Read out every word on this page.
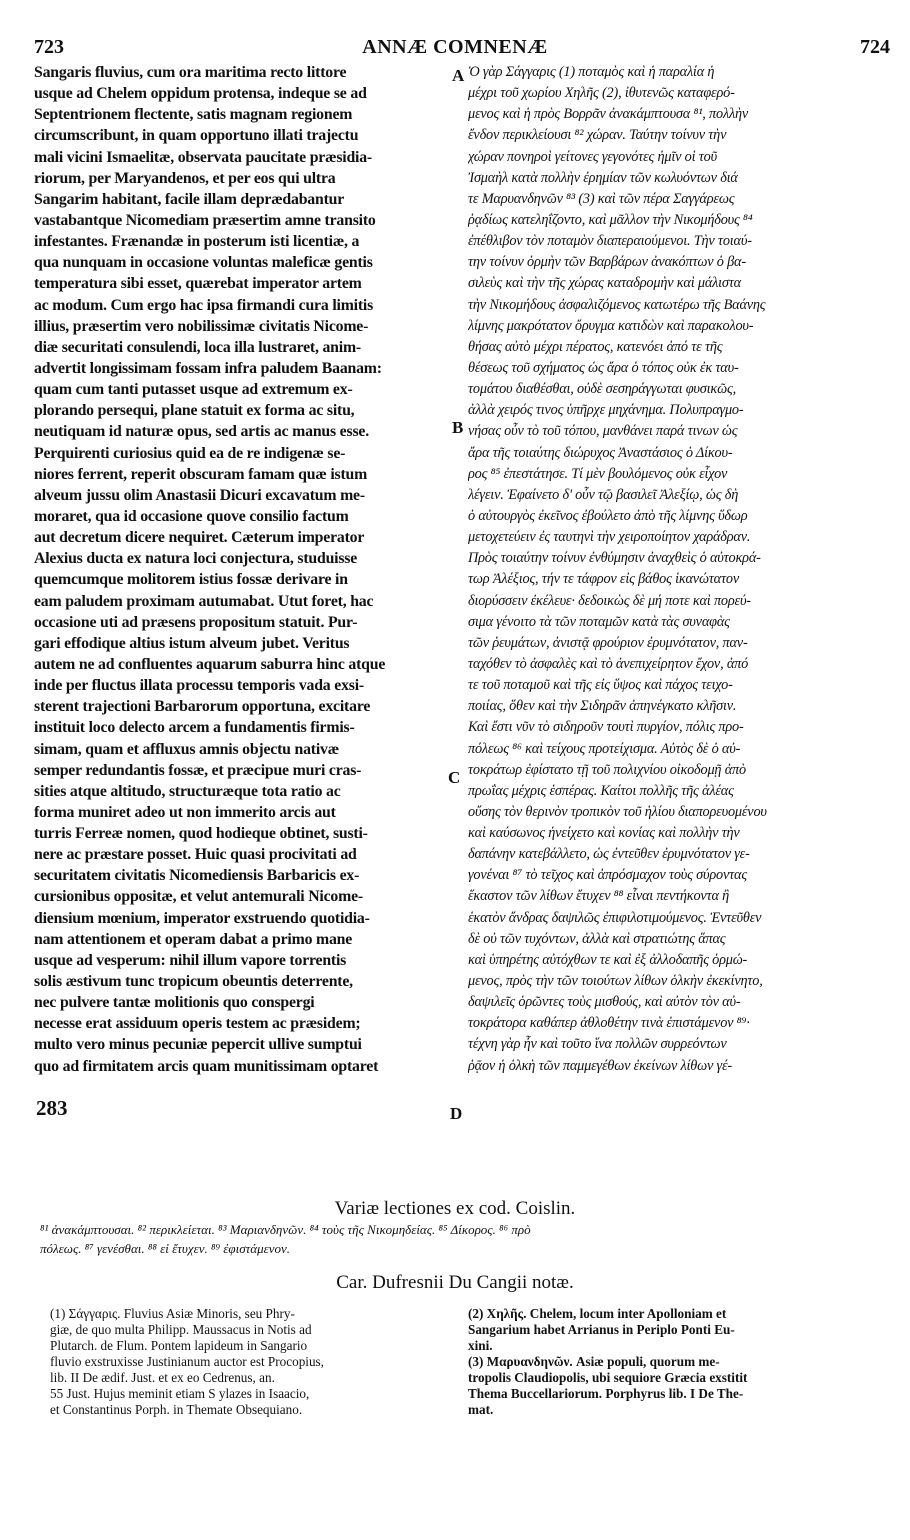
723	ANNÆ COMNENÆ	724
Sangaris fluvius, cum ora maritima recto littore
usque ad Chelem oppidum protensa, indeque se ad
Septentrionem flectente, satis magnam regionem
circumscribunt, in quam opportuno illati trajectu
mali vicini Ismaelitæ, observata paucitate præsidia-
riorum, per Maryandenos, et per eos qui ultra
Sangarim habitant, facile illam deprædabantur
vastabantque Nicomediam præsertim amne transito
infestantes. Frænandæ in posterum isti licentiæ, a
qua nunquam in occasione voluntas maleficæ gentis
temperatura sibi esset, quærebat imperator artem
ac modum. Cum ergo hac ipsa firmandi cura limitis
illius, præsertim vero nobilissimæ civitatis Nicome-
diæ securitati consulendi, loca illa lustraret, anim-
advertit longissimam fossam infra paludem Baanam:
quam cum tanti putasset usque ad extremum ex-
plorando persequi, plane statuit ex forma ac situ,
neutiquam id naturæ opus, sed artis ac manus esse.
Perquirenti curiosius quid ea de re indigenæ se-
niores ferrent, reperit obscuram famam quæ istum
alveum jussu olim Anastasii Dicuri excavatum me-
moraret, qua id occasione quove consilio factum
aut decretum dicere nequiret. Cæterum imperator
Alexius ducta ex natura loci conjectura, studuisse
quemcumque molitorem istius fossæ derivare in
eam paludem proximam autumabat. Utut foret, hac
occasione uti ad præsens propositum statuit. Pur-
gari effodique altius istum alveum jubet. Veritus
autem ne ad confluentes aquarum saburra hinc atque
inde per fluctus illata processu temporis vada exsi-
sterent trajectioni Barbarorum opportuna, excitare
instituit loco delecto arcem a fundamentis firmis-
simam, quam et affluxus amnis objectu nativæ
semper redundantis fossæ, et præcipue muri cras-
sities atque altitudo, structuræque tota ratio ac
forma muniret adeo ut non immerito arcis aut
turris Ferreæ nomen, quod hodieque obtinet, susti-
nere ac præstare posset. Huic quasi procivitati ad
securitatem civitatis Nicomediensis Barbaricis ex-
cursionibus oppositæ, et velut antemurali Nicome-
diensium mœnium, imperator exstruendo quotidia-
nam attentionem et operam dabat a primo mane
usque ad vesperum: nihil illum vapore torrentis
solis æstivum tunc tropicum obeuntis deterrente,
nec pulvere tantæ molitionis quo conspergi
necesse erat assiduum operis testem ac præsidem;
multo vero minus pecuniæ pepercit ullive sumptui
quo ad firmitatem arcis quam munitissimam optaret
Ὁ γὰρ Σάγγαρις (1) ποταμὸς καὶ ἡ παραλία ἡ
μέχρι τοῦ χωρίου Χηλῆς (2), ἰθυτενῶς καταφερό-
μενος καὶ ἡ πρὸς Βορρᾶν ἀνακάμπτουσα ⁸¹, πολλὴν
ἔνδον περικλείουσι ⁸² χώραν. Ταύτην τοίνυν τὴν
χώραν πονηροὶ γείτονες γεγονότες ἡμῖν οἱ τοῦ
Ἰσμαὴλ κατὰ πολλὴν ἐρημίαν τῶν κωλυόντων διά
τε Μαρυανδηνῶν ⁸³ (3) καὶ τῶν πέρα Σαγγάρεως
ῥᾳδίως κατεληΐζοντο, καὶ μᾶλλον τὴν Νικομήδους ⁸⁴
ἐπέθλιβον τὸν ποταμὸν διαπεραιούμενοι. Τὴν τοιαύ-
την τοίνυν ὁρμὴν τῶν Βαρβάρων ἀνακόπτων ὁ βα-
σιλεὺς καὶ τὴν τῆς χώρας καταδρομὴν καὶ μάλιστα
τὴν Νικομήδους ἀσφαλιζόμενος κατωτέρω τῆς Βαάνης
λίμνης μακρότατον ὄρυγμα κατιδὼν καὶ παρακολου-
θήσας αὐτὸ μέχρι πέρατος, κατενόει ἀπό τε τῆς
θέσεως τοῦ σχήματος ὡς ἄρα ὁ τόπος οὐκ ἐκ ταυ-
τομάτου διαθέσθαι, οὐδὲ σεσηράγγωται φυσικῶς,
ἀλλὰ χειρός τινος ὑπῆρχε μηχάνημα. Πολυπραγμο-
νήσας οὖν τὸ τοῦ τόπου, μανθάνει παρά τινων ὡς
ἄρα τῆς τοιαύτης διώρυχος Ἀναστάσιος ὁ Δίκου-
ρος ⁸⁵ ἐπεστάτησε. Τί μὲν βουλόμενος οὐκ εἶχον
λέγειν. Ἐφαίνετο δ' οὖν τῷ βασιλεῖ Ἀλεξίῳ, ὡς δὴ
ὁ αὐτουργὸς ἐκεῖνος ἐβούλετο ἀπὸ τῆς λίμνης ὕδωρ
μετοχετεύειν ἐς ταυτηνὶ τὴν χειροποίητον χαράδραν.
Πρὸς τοιαύτην τοίνυν ἐνθύμησιν ἀναχθεὶς ὁ αὐτοκρά-
τωρ Ἀλέξιος, τήν τε τάφρον εἰς βάθος ἱκανώτατον
διορύσσειν ἐκέλευε· δεδοικὼς δὲ μή ποτε καὶ πορεύ-
σιμα γένοιτο τὰ τῶν ποταμῶν κατὰ τὰς συναφὰς
τῶν ῥευμάτων, ἀνιστᾷ φρούριον ἐρυμνότατον, παν-
ταχόθεν τὸ ἀσφαλὲς καὶ τὸ ἀνεπιχείρητον ἔχον, ἀπό
τε τοῦ ποταμοῦ καὶ τῆς εἰς ὕψος καὶ πάχος τειχο-
ποιίας, ὅθεν καὶ τὴν Σιδηρᾶν ἀπηνέγκατο κλῆσιν.
Καὶ ἔστι νῦν τὸ σιδηροῦν τουτὶ πυργίον, πόλις προ-
πόλεως ⁸⁶ καὶ τείχους προτείχισμα. Αὐτὸς δὲ ὁ αὐ-
τοκράτωρ ἐφίστατο τῇ τοῦ πολιχνίου οἰκοδομῇ ἀπὸ
πρωΐας μέχρις ἑσπέρας. Καίτοι πολλῆς τῆς ἀλέας
οὔσης τὸν θερινὸν τροπικὸν τοῦ ἡλίου διαπορευομένου
καὶ καύσωνος ἡνείχετο καὶ κονίας καὶ πολλὴν τὴν
δαπάνην κατεβάλλετο, ὡς ἐντεῦθεν ἐρυμνότατον γε-
γονέναι ⁸⁷ τὸ τεῖχος καὶ ἀπρόσμαχον τοὺς σύροντας
ἕκαστον τῶν λίθων ἔτυχεν ⁸⁸ εἶναι πεντήκοντα ἢ
ἑκατὸν ἄνδρας δαψιλῶς ἐπιφιλοτιμούμενος. Ἐντεῦθεν
δὲ οὐ τῶν τυχόντων, ἀλλὰ καὶ στρατιώτης ἅπας
καὶ ὑπηρέτης αὐτόχθων τε καὶ ἐξ ἀλλοδαπῆς ὁρμώ-
μενος, πρὸς τὴν τῶν τοιούτων λίθων ὁλκὴν ἐκεκίνητο,
δαψιλεῖς ὁρῶντες τοὺς μισθούς, καὶ αὐτὸν τὸν αὐ-
τοκράτορα καθάπερ ἀθλοθέτην τινὰ ἐπιστάμενον ⁸⁹·
τέχνη γὰρ ἦν καὶ τοῦτο ἵνα πολλῶν συρρεόντων
ῥᾷον ἡ ὁλκὴ τῶν παμμεγέθων ἐκείνων λίθων γέ-
A
B
C
D
283
Variæ lectiones ex cod. Coislin.
⁸¹ ἀνακάμπτουσαι. ⁸² περικλείεται. ⁸³ Μαριανδηνῶν. ⁸⁴ τοὺς τῆς Νικομηδείας. ⁸⁵ Δίκορος. ⁸⁶ πρὸ
πόλεως. ⁸⁷ γενέσθαι. ⁸⁸ εἰ ἔτυχεν. ⁸⁹ ἐφιστάμενον.
Car. Dufresnii Du Cangii notæ.
(1) Σάγγαρις. Fluvius Asiæ Minoris, seu Phry-
giæ, de quo multa Philipp. Maussacus in Notis ad
Plutarch. de Flum. Pontem lapideum in Sangario
fluvio exstruxisse Justinianum auctor est Procopius,
lib. II De ædif. Just. et ex eo Cedrenus, an.
55 Just. Hujus meminit etiam S ylazes in Isaacio,
et Constantinus Porph. in Themate Obsequiano.
(2) Χηλῆς. Chelem, locum inter Apolloniam et
Sangarium habet Arrianus in Periplo Ponti Eu-
xini.
(3) Μαρυανδηνῶν. Asiæ populi, quorum me-
tropolis Claudiopolis, ubi sequiore Græcia exstitit
Thema Buccellariorum. Porphyrus lib. I De The-
mat.
